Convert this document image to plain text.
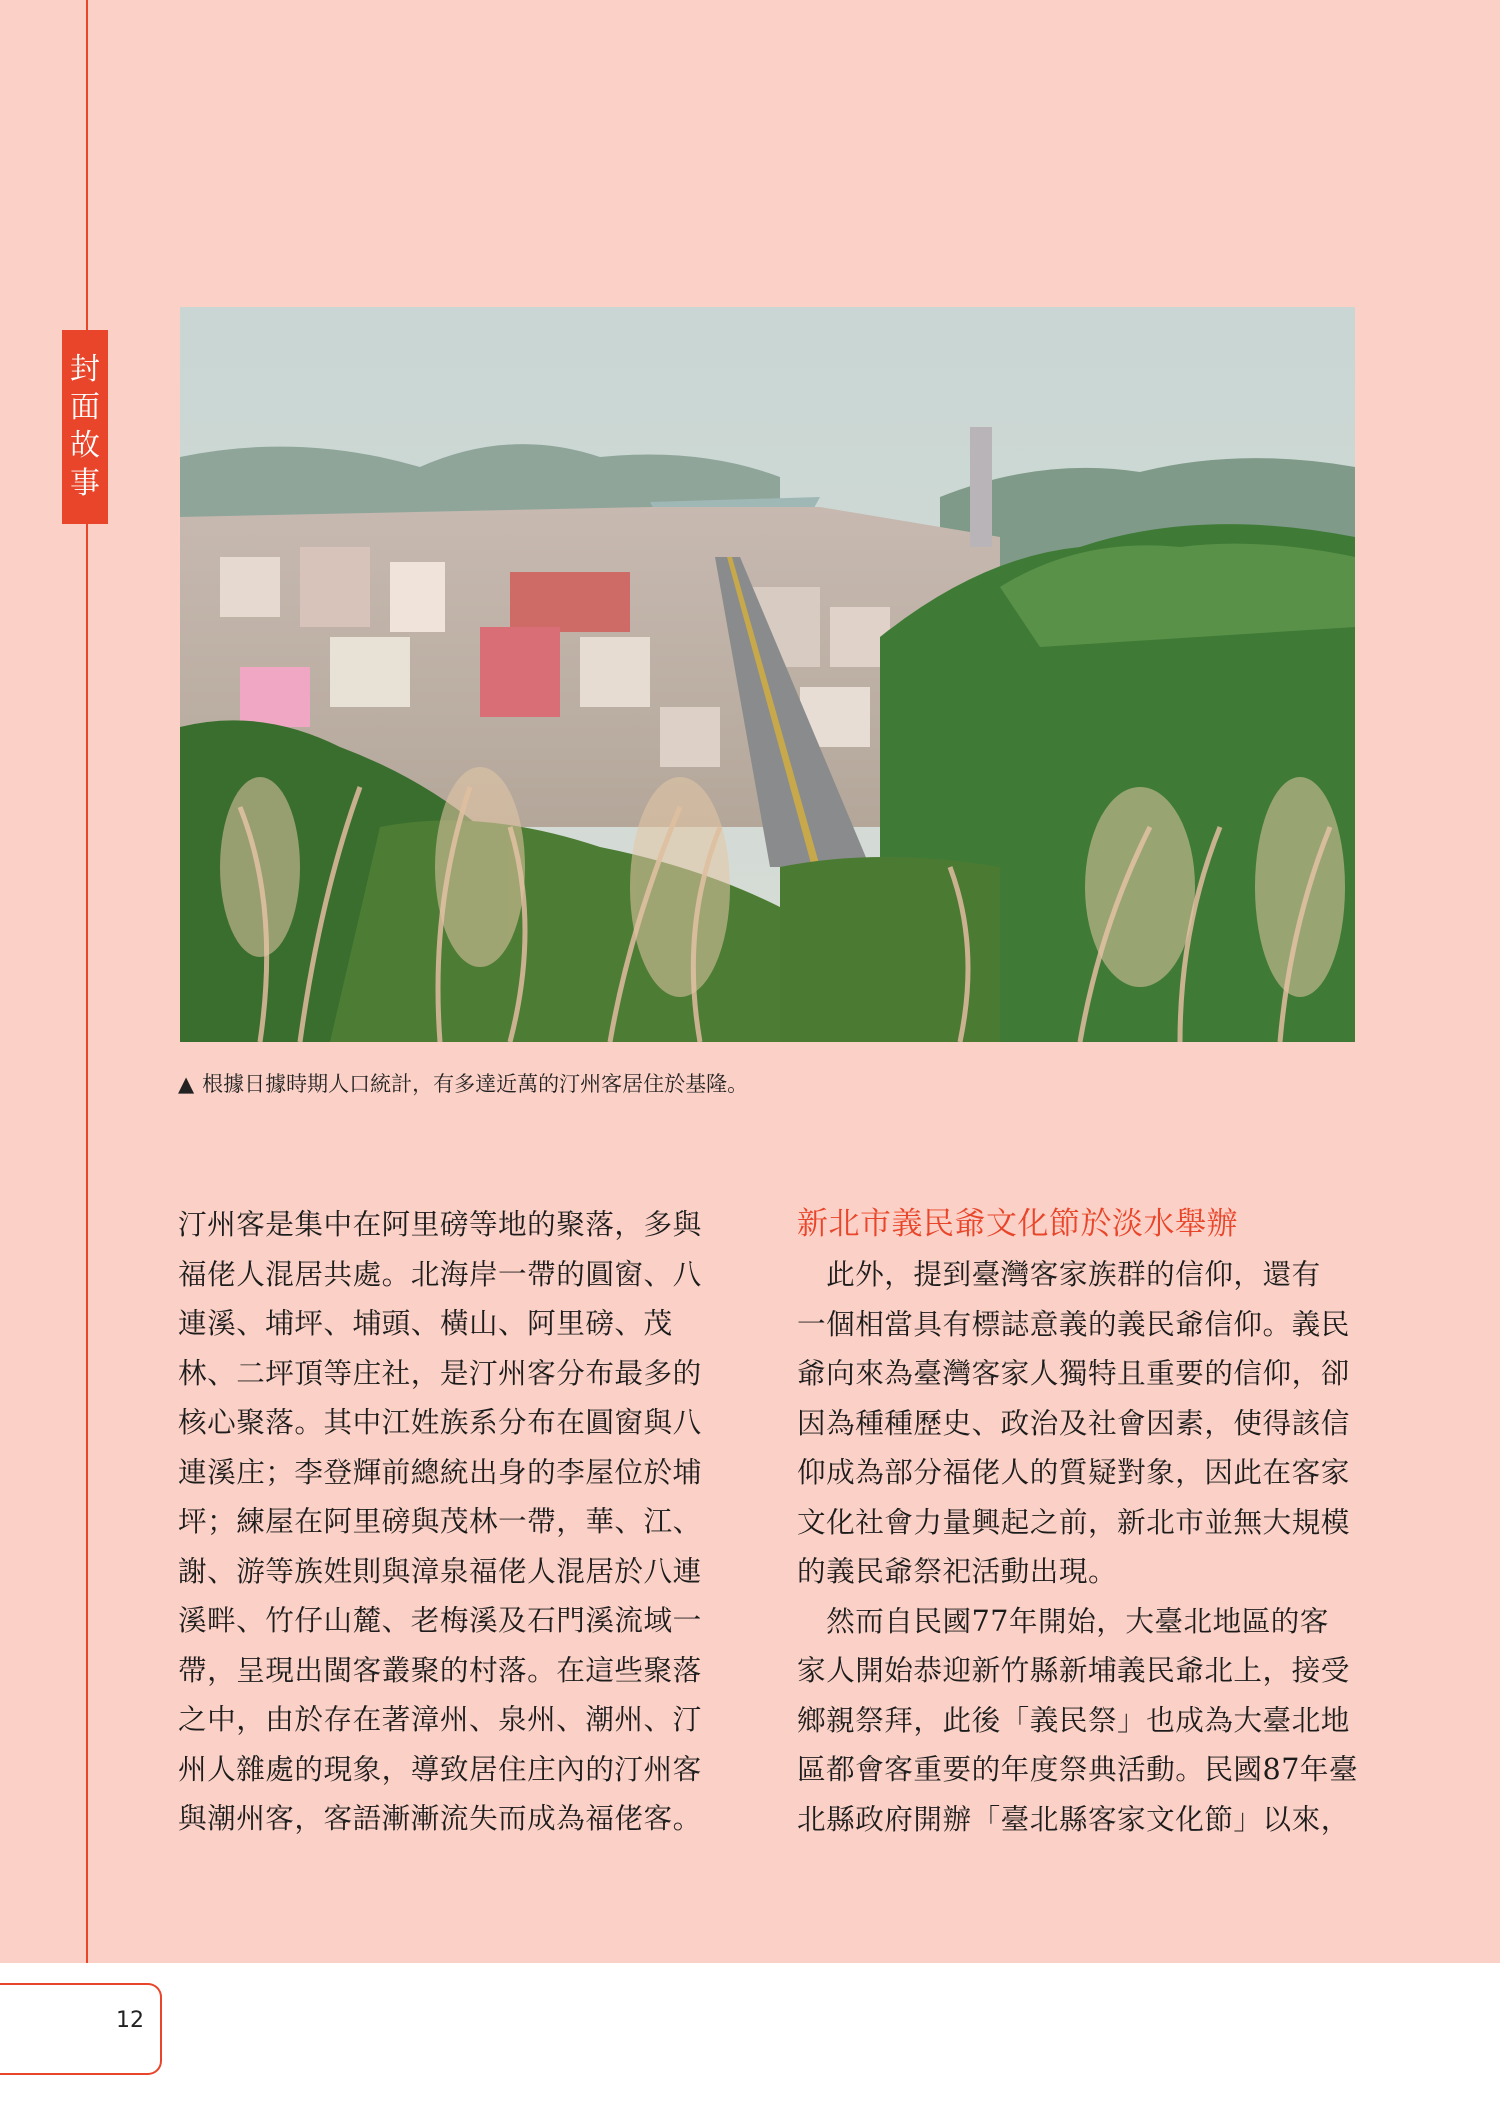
封
面
故
事
▲ 根據日據時期人口統計，有多達近萬的汀州客居住於基隆。

汀州客是集中在阿里磅等地的聚落，多與
福佬人混居共處。北海岸一帶的圓窗、八
連溪、埔坪、埔頭、橫山、阿里磅、茂
林、二坪頂等庄社，是汀州客分布最多的
核心聚落。其中江姓族系分布在圓窗與八
連溪庄；李登輝前總統出身的李屋位於埔
坪；練屋在阿里磅與茂林一帶，華、江、
謝、游等族姓則與漳泉福佬人混居於八連
溪畔、竹仔山麓、老梅溪及石門溪流域一
帶，呈現出閩客叢聚的村落。在這些聚落
之中，由於存在著漳州、泉州、潮州、汀
州人雜處的現象，導致居住庄內的汀州客
與潮州客，客語漸漸流失而成為福佬客。

新北市義民爺文化節於淡水舉辦

　此外，提到臺灣客家族群的信仰，還有
一個相當具有標誌意義的義民爺信仰。義民
爺向來為臺灣客家人獨特且重要的信仰，卻
因為種種歷史、政治及社會因素，使得該信
仰成為部分福佬人的質疑對象，因此在客家
文化社會力量興起之前，新北市並無大規模
的義民爺祭祀活動出現。

　然而自民國77年開始，大臺北地區的客
家人開始恭迎新竹縣新埔義民爺北上，接受
鄉親祭拜，此後「義民祭」也成為大臺北地
區都會客重要的年度祭典活動。民國87年臺
北縣政府開辦「臺北縣客家文化節」以來，

12
